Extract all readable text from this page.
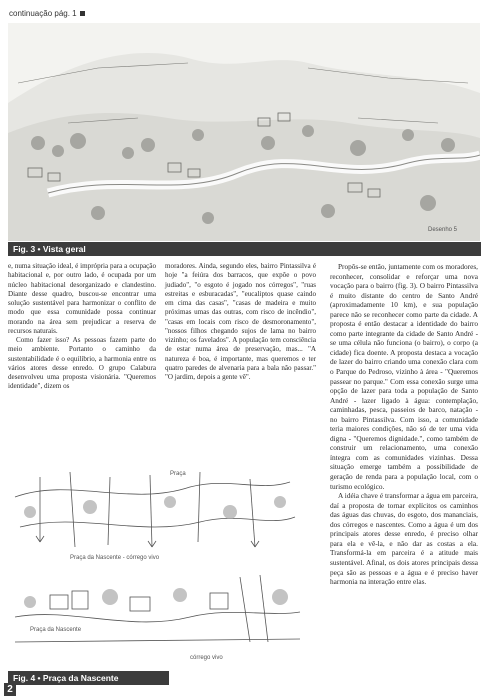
continuação pág. 1
Desenho 5
Fig. 3 • Vista geral

e, numa situação ideal, é imprópria para a ocupação habitacional e, por outro lado, é ocupada por um núcleo habitacional desorganizado e clandestino. Diante desse quadro, buscou-se encontrar uma solução sustentável para harmonizar o conflito de modo que essa comunidade possa continuar morando na área sem prejudicar a reserva de recursos naturais.

Como fazer isso? As pessoas fazem parte do meio ambiente. Portanto o caminho da sustentabilidade é o equilíbrio, a harmonia entre os vários atores desse enredo. O grupo Calabura desenvolveu uma proposta visionária. "Queremos identidade", dizem os

moradores. Ainda, segundo eles, bairro Pintassilva é hoje "a feiúra dos barracos, que expõe o povo judiado", "o esgoto é jogado nos córregos", "ruas estreitas e esburacadas", "eucaliptos quase caindo em cima das casas", "casas de madeira e muito próximas umas das outras, com risco de incêndio", "casas em locais com risco de desmoronamento", "nossos filhos chegando sujos de lama no bairro vizinho; os favelados". A população tem consciência de estar numa área de preservação, mas... "A natureza é boa, é importante, mas queremos e ter quatro paredes de alvenaria para a bala não passar." "O jardim, depois a gente vê".

Propôs-se então, juntamente com os moradores, reconhecer, consolidar e reforçar uma nova vocação para o bairro (fig. 3). O bairro Pintassilva é muito distante do centro de Santo André (aproximadamente 10 km), e sua população parece não se reconhecer como parte da cidade. A proposta é então destacar a identidade do bairro como parte integrante da cidade de Santo André - se uma célula não funciona (o bairro), o corpo (a cidade) fica doente. A proposta destaca a vocação de lazer do bairro criando uma conexão clara com o Parque do Pedroso, vizinho à área - "Queremos passear no parque." Com essa conexão surge uma opção de lazer para toda a população de Santo André - lazer ligado à água: contemplação, caminhadas, pesca, passeios de barco, natação - no bairro Pintassilva. Com isso, a comunidade teria maiores condições, não só de ter uma vida digna - "Queremos dignidade.", como também de construir um relacionamento, uma conexão íntegra com as comunidades vizinhas. Dessa situação emerge também a possibilidade de geração de renda para a população local, com o turismo ecológico.

A idéia chave é transformar a água em parceira, daí a proposta de tornar explícitos os caminhos das águas das chuvas, do esgoto, dos mananciais, dos córregos e nascentes. Como a água é um dos principais atores desse enredo, é preciso olhar para ela e vê-la, e não dar as costas a ela. Transformá-la em parceira é a atitude mais sustentável. Afinal, os dois atores principais dessa peça são as pessoas e a água e é preciso haver harmonia na interação entre elas.

Praça
Praça da Nascente - córrego vivo
Praça da Nascente
córrego vivo
Fig. 4 • Praça da Nascente
2
